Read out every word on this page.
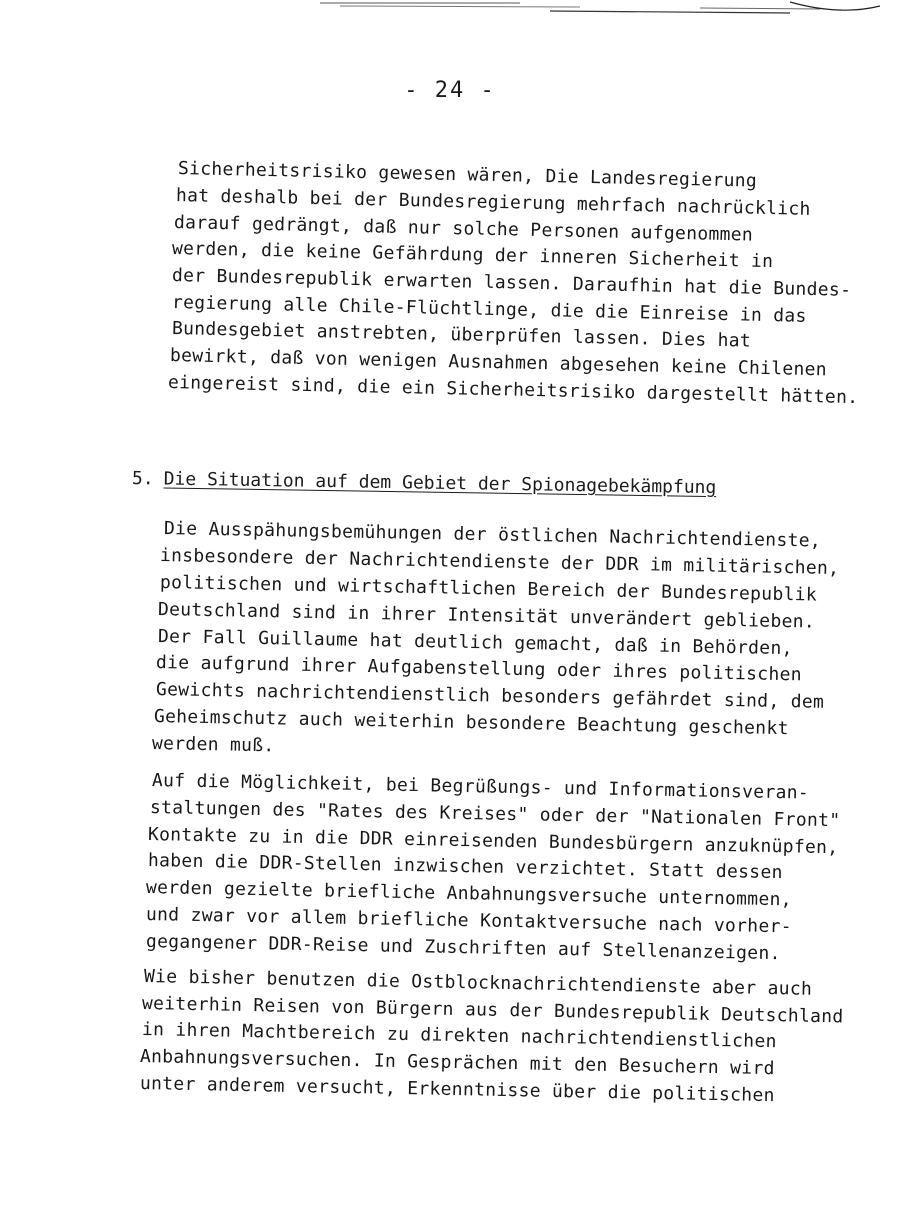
- 24 -
Sicherheitsrisiko gewesen wären, Die Landesregierung
hat deshalb bei der Bundesregierung mehrfach nachrücklich
darauf gedrängt, daß nur solche Personen aufgenommen
werden, die keine Gefährdung der inneren Sicherheit in
der Bundesrepublik erwarten lassen. Daraufhin hat die Bundes-
regierung alle Chile-Flüchtlinge, die die Einreise in das
Bundesgebiet anstrebten, überprüfen lassen. Dies hat
bewirkt, daß von wenigen Ausnahmen abgesehen keine Chilenen
eingereist sind, die ein Sicherheitsrisiko dargestellt hätten.
5. Die Situation auf dem Gebiet der Spionagebekämpfung
Die Ausspähungsbemühungen der östlichen Nachrichtendienste,
insbesondere der Nachrichtendienste der DDR im militärischen,
politischen und wirtschaftlichen Bereich der Bundesrepublik
Deutschland sind in ihrer Intensität unverändert geblieben.
Der Fall Guillaume hat deutlich gemacht, daß in Behörden,
die aufgrund ihrer Aufgabenstellung oder ihres politischen
Gewichts nachrichtendienstlich besonders gefährdet sind, dem
Geheimschutz auch weiterhin besondere Beachtung geschenkt
werden muß.
Auf die Möglichkeit, bei Begrüßungs- und Informationsveran-
staltungen des "Rates des Kreises" oder der "Nationalen Front"
Kontakte zu in die DDR einreisenden Bundesbürgern anzuknüpfen,
haben die DDR-Stellen inzwischen verzichtet. Statt dessen
werden gezielte briefliche Anbahnungsversuche unternommen,
und zwar vor allem briefliche Kontaktversuche nach vorher-
gegangener DDR-Reise und Zuschriften auf Stellenanzeigen.
Wie bisher benutzen die Ostblocknachrichtendienste aber auch
weiterhin Reisen von Bürgern aus der Bundesrepublik Deutschland
in ihren Machtbereich zu direkten nachrichtendienstlichen
Anbahnungsversuchen. In Gesprächen mit den Besuchern wird
unter anderem versucht, Erkenntnisse über die politischen
